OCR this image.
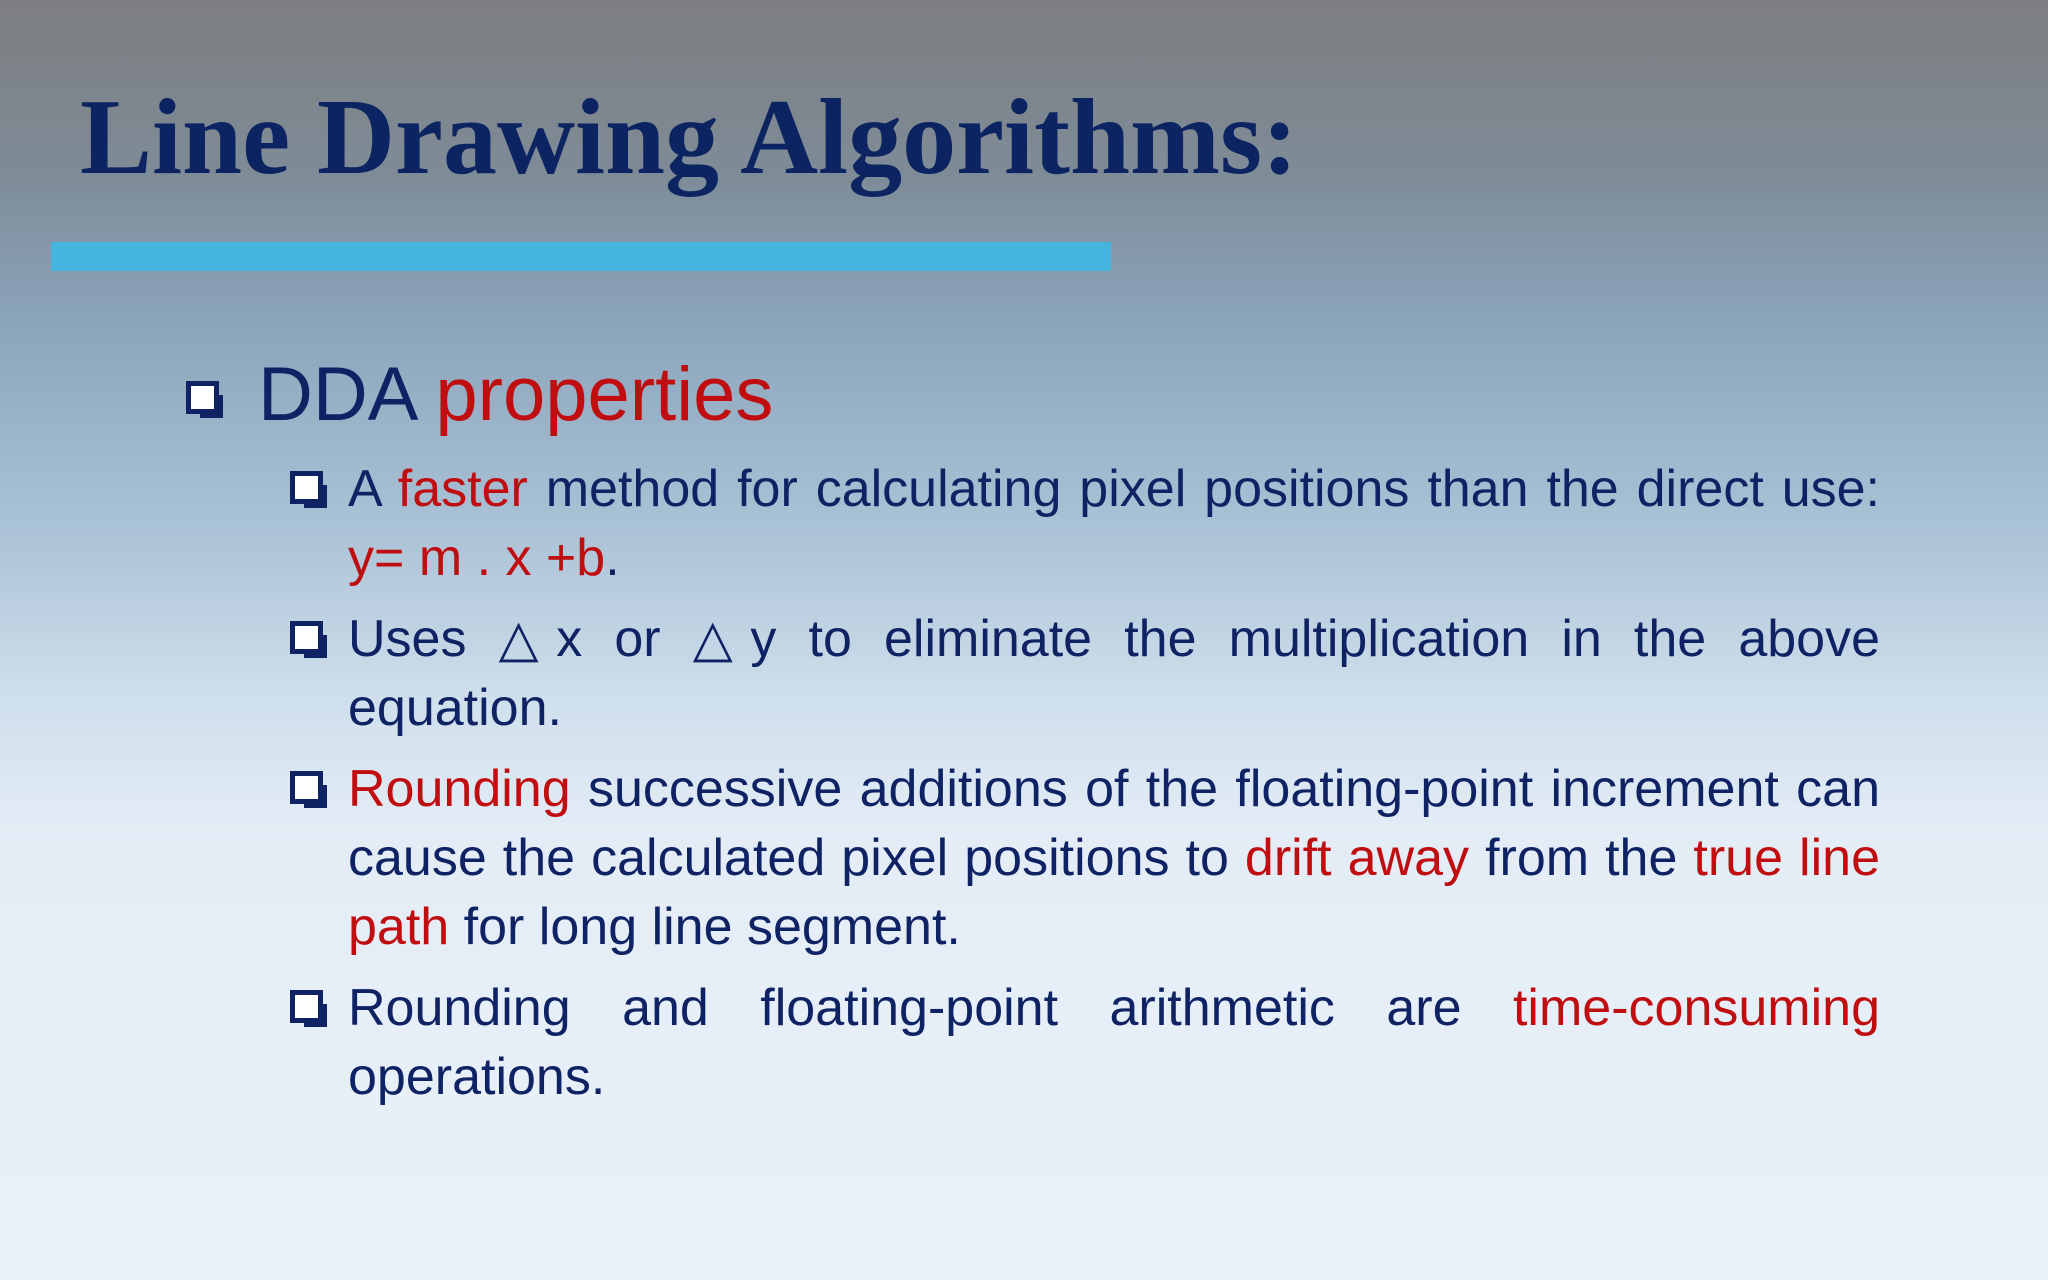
Line Drawing Algorithms:
DDA properties
A faster method for calculating pixel positions than the direct use: y= m . x +b.
Uses △x or △y to eliminate the multiplication in the above equation.
Rounding successive additions of the floating-point increment can cause the calculated pixel positions to drift away from the true line path for long line segment.
Rounding and floating-point arithmetic are time-consuming operations.
